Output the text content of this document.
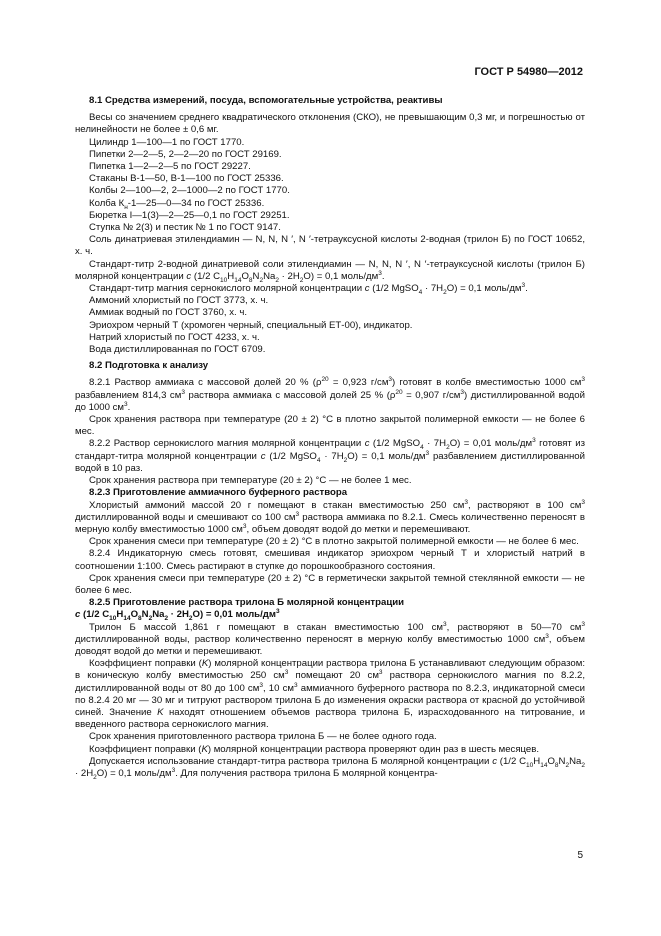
ГОСТ Р 54980—2012

8.1 Средства измерений, посуда, вспомогательные устройства, реактивы

Весы со значением среднего квадратического отклонения (СКО), не превышающим 0,3 мг, и погрешностью от нелинейности не более ± 0,6 мг.

Цилиндр 1—100—1 по ГОСТ 1770.

Пипетки 2—2—5, 2—2—20 по ГОСТ 29169.

Пипетка 1—2—2—5 по ГОСТ 29227.

Стаканы В-1—50, В-1—100 по ГОСТ 25336.

Колбы 2—100—2, 2—1000—2 по ГОСТ 1770.

Колба $К_н-1—25—0—34$ по ГОСТ 25336.

Бюретка I—1(3)—2—25—0,1 по ГОСТ 29251.

Ступка № 2(3) и пестик № 1 по ГОСТ 9147.

Соль динатриевая этилендиамин — N, N, N ′, N ′-тетрауксусной кислоты 2-водная (трилон Б) по ГОСТ 10652, х. ч.

Стандарт-титр 2-водной динатриевой соли этилендиамин — N, N, N ′, N ′-тетрауксусной кислоты (трилон Б) молярной концентрации c (1/2 $C_{10}H_{14}O_8N_2Na_2 \cdot 2H_2O) = 0,1$ моль/$дм^3$.

Стандарт-титр магния сернокислого молярной концентрации c (1/2 MgSO$_4$ · $7H_2O) = 0,1$ моль/$дм^3$.

Аммоний хлористый по ГОСТ 3773, х. ч.

Аммиак водный по ГОСТ 3760, х. ч.

Эриохром черный Т (хромоген черный, специальный ЕТ-00), индикатор.

Натрий хлористый по ГОСТ 4233, х. ч.

Вода дистиллированная по ГОСТ 6709.

8.2 Подготовка к анализу

8.2.1 Раствор аммиака с массовой долей 20 % ($\rho^{20} = 0,923$ $г/см^3$) готовят в колбе вместимостью 1000 $см^3$ разбавлением 814,3 $см^3$ раствора аммиака с массовой долей 25 % ($\rho^{20} = 0,907$ $г/см^3$) дистиллированной водой до 1000 $см^3$.

Срок хранения раствора при температуре (20 ± 2) °С в плотно закрытой полимерной емкости — не более 6 мес.

8.2.2 Раствор сернокислого магния молярной концентрации c (1/2 MgSO$_4$ · $7H_2O) = 0,01$ моль/$дм^3$ готовят из стандарт-титра молярной концентрации c (1/2 MgSO$_4$ · $7H_2O) = 0,1$ моль/$дм^3$ разбавлением дистиллированной водой в 10 раз.

Срок хранения раствора при температуре (20 ± 2) °С — не более 1 мес.

8.2.3 Приготовление аммиачного буферного раствора

Хлористый аммоний массой 20 г помещают в стакан вместимостью 250 $см^3$, растворяют в 100 $см^3$ дистиллированной воды и смешивают со 100 $см^3$ раствора аммиака по 8.2.1. Смесь количественно переносят в мерную колбу вместимостью 1000 $см^3$, объем доводят водой до метки и перемешивают.

Срок хранения смеси при температуре (20 ± 2) °С в плотно закрытой полимерной емкости — не более 6 мес.

8.2.4 Индикаторную смесь готовят, смешивая индикатор эриохром черный Т и хлористый натрий в соотношении 1:100. Смесь растирают в ступке до порошкообразного состояния.

Срок хранения смеси при температуре (20 ± 2) °С в герметически закрытой темной стеклянной емкости — не более 6 мес.

8.2.5 Приготовление раствора трилона Б молярной концентрации

c (1/2 $C_{10}H_{14}O_8N_2Na_2 \cdot 2H_2O) = 0,01$ моль/$дм^3$

Трилон Б массой 1,861 г помещают в стакан вместимостью 100 $см^3$, растворяют в 50—70 $см^3$ дистиллированной воды, раствор количественно переносят в мерную колбу вместимостью 1000 $см^3$, объем доводят водой до метки и перемешивают.

Коэффициент поправки (K) молярной концентрации раствора трилона Б устанавливают следующим образом: в коническую колбу вместимостью 250 $см^3$ помещают 20 $см^3$ раствора сернокислого магния по 8.2.2, дистиллированной воды от 80 до 100 $см^3$, 10 $см^3$ аммиачного буферного раствора по 8.2.3, индикаторной смеси по 8.2.4 20 мг — 30 мг и титруют раствором трилона Б до изменения окраски раствора от красной до устойчивой синей. Значение K находят отношением объемов раствора трилона Б, израсходованного на титрование, и введенного раствора сернокислого магния.

Срок хранения приготовленного раствора трилона Б — не более одного года.

Коэффициент поправки (K) молярной концентрации раствора проверяют один раз в шесть месяцев.

Допускается использование стандарт-титра раствора трилона Б молярной концентрации c (1/2 $C_{10}H_{14}O_8N_2Na_2 \cdot 2H_2O) = 0,1$ моль/$дм^3$. Для получения раствора трилона Б молярной концентра-

5
